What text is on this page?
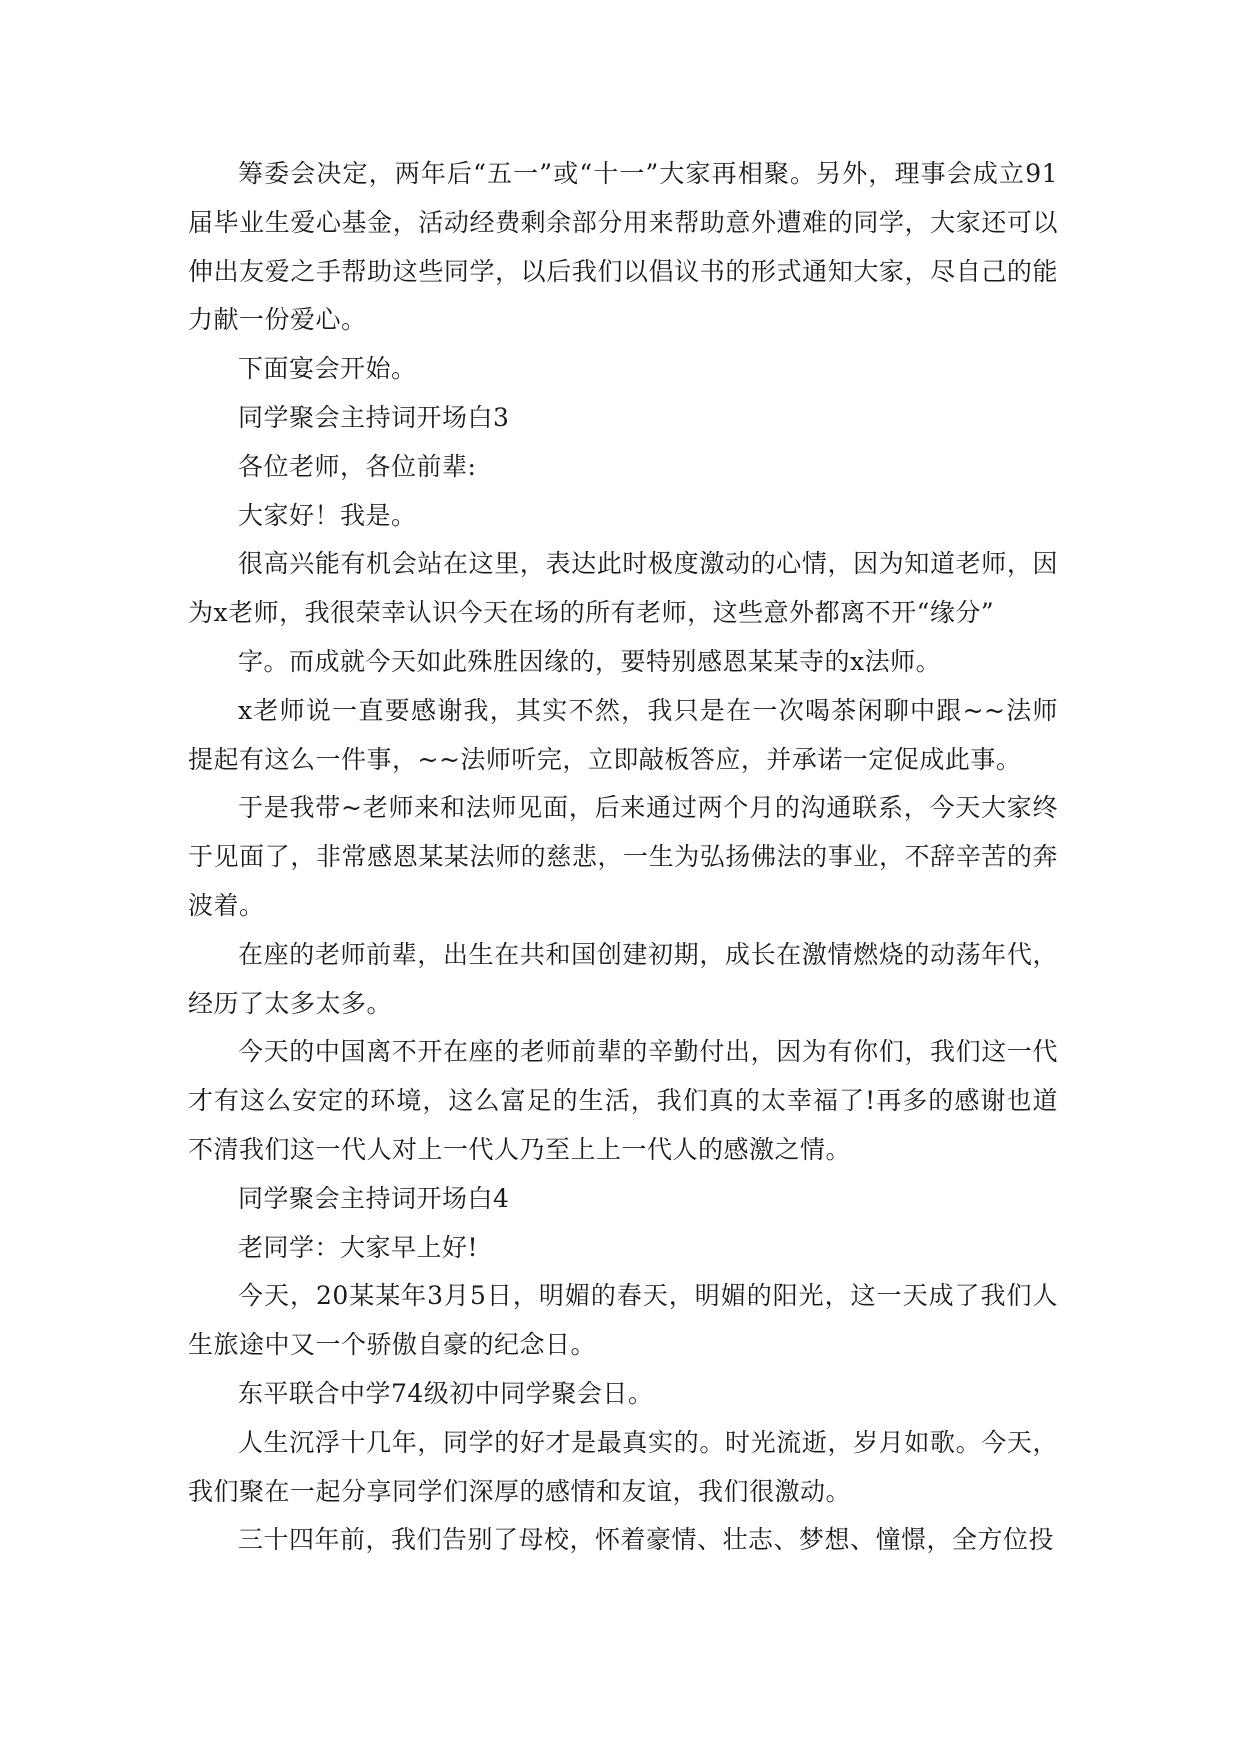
筹委会决定，两年后“五一”或“十一”大家再相聚。另外，理事会成立91届毕业生爱心基金，活动经费剩余部分用来帮助意外遭难的同学，大家还可以伸出友爱之手帮助这些同学，以后我们以倡议书的形式通知大家，尽自己的能力献一份爱心。

下面宴会开始。

同学聚会主持词开场白3

各位老师，各位前辈:

大家好！我是。

很高兴能有机会站在这里，表达此时极度激动的心情，因为知道老师，因为x老师，我很荣幸认识今天在场的所有老师，这些意外都离不开“缘分”

字。而成就今天如此殊胜因缘的，要特别感恩某某寺的x法师。

x老师说一直要感谢我，其实不然，我只是在一次喝茶闲聊中跟~~法师提起有这么一件事，~~法师听完，立即敲板答应，并承诺一定促成此事。

于是我带~老师来和法师见面，后来通过两个月的沟通联系，今天大家终于见面了，非常感恩某某法师的慈悲，一生为弘扬佛法的事业，不辞辛苦的奔波着。

在座的老师前辈，出生在共和国创建初期，成长在激情燃烧的动荡年代，经历了太多太多。

今天的中国离不开在座的老师前辈的辛勤付出，因为有你们，我们这一代才有这么安定的环境，这么富足的生活，我们真的太幸福了!再多的感谢也道不清我们这一代人对上一代人乃至上上一代人的感激之情。

同学聚会主持词开场白4

老同学：大家早上好!

今天，20某某年3月5日，明媚的春天，明媚的阳光，这一天成了我们人生旅途中又一个骄傲自豪的纪念日。

东平联合中学74级初中同学聚会日。

人生沉浮十几年，同学的好才是最真实的。时光流逝，岁月如歌。今天，我们聚在一起分享同学们深厚的感情和友谊，我们很激动。

三十四年前，我们告别了母校，怀着豪情、壮志、梦想、憧憬，全方位投
